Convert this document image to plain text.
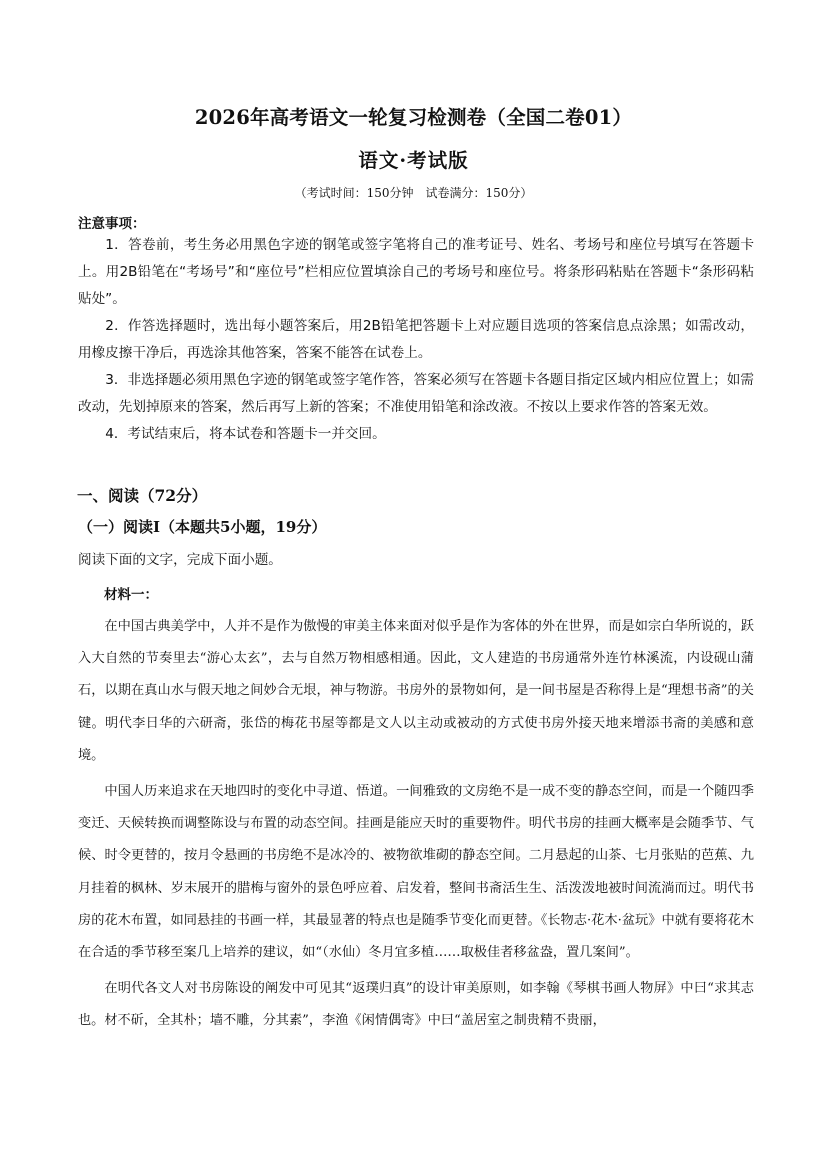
2026年高考语文一轮复习检测卷（全国二卷01）
语文·考试版
（考试时间：150分钟　试卷满分：150分）
注意事项：

1．答卷前，考生务必用黑色字迹的钢笔或签字笔将自己的准考证号、姓名、考场号和座位号填写在答题卡上。用2B铅笔在“考场号”和“座位号”栏相应位置填涂自己的考场号和座位号。将条形码粘贴在答题卡“条形码粘贴处”。

2．作答选择题时，选出每小题答案后，用2B铅笔把答题卡上对应题目选项的答案信息点涂黑；如需改动，用橡皮擦干净后，再选涂其他答案，答案不能答在试卷上。

3．非选择题必须用黑色字迹的钢笔或签字笔作答，答案必须写在答题卡各题目指定区域内相应位置上；如需改动，先划掉原来的答案，然后再写上新的答案；不准使用铅笔和涂改液。不按以上要求作答的答案无效。

4．考试结束后，将本试卷和答题卡一并交回。

一、阅读（72分）
（一）阅读Ⅰ（本题共5小题，19分）
阅读下面的文字，完成下面小题。
材料一：

在中国古典美学中，人并不是作为傲慢的审美主体来面对似乎是作为客体的外在世界，而是如宗白华所说的，跃入大自然的节奏里去“游心太玄”，去与自然万物相感相通。因此，文人建造的书房通常外连竹林溪流，内设砚山蒲石，以期在真山水与假天地之间妙合无垠，神与物游。书房外的景物如何，是一间书屋是否称得上是“理想书斋”的关键。明代李日华的六研斋，张岱的梅花书屋等都是文人以主动或被动的方式使书房外接天地来增添书斋的美感和意境。

中国人历来追求在天地四时的变化中寻道、悟道。一间雅致的文房绝不是一成不变的静态空间，而是一个随四季变迁、天候转换而调整陈设与布置的动态空间。挂画是能应天时的重要物件。明代书房的挂画大概率是会随季节、气候、时令更替的，按月令悬画的书房绝不是冰冷的、被物欲堆砌的静态空间。二月悬起的山茶、七月张贴的芭蕉、九月挂着的枫林、岁末展开的腊梅与窗外的景色呼应着、启发着，整间书斋活生生、活泼泼地被时间流淌而过。明代书房的花木布置，如同悬挂的书画一样，其最显著的特点也是随季节变化而更替。《长物志·花木·盆玩》中就有要将花木在合适的季节移至案几上培养的建议，如“（水仙）冬月宜多植……取极佳者移盆盎，置几案间”。

在明代各文人对书房陈设的阐发中可见其“返璞归真”的设计审美原则，如李翰《琴棋书画人物屏》中曰“求其志也。材不斫，全其朴；墙不雕，分其素”，李渔《闲情偶寄》中曰“盖居室之制贵精不贵丽，
